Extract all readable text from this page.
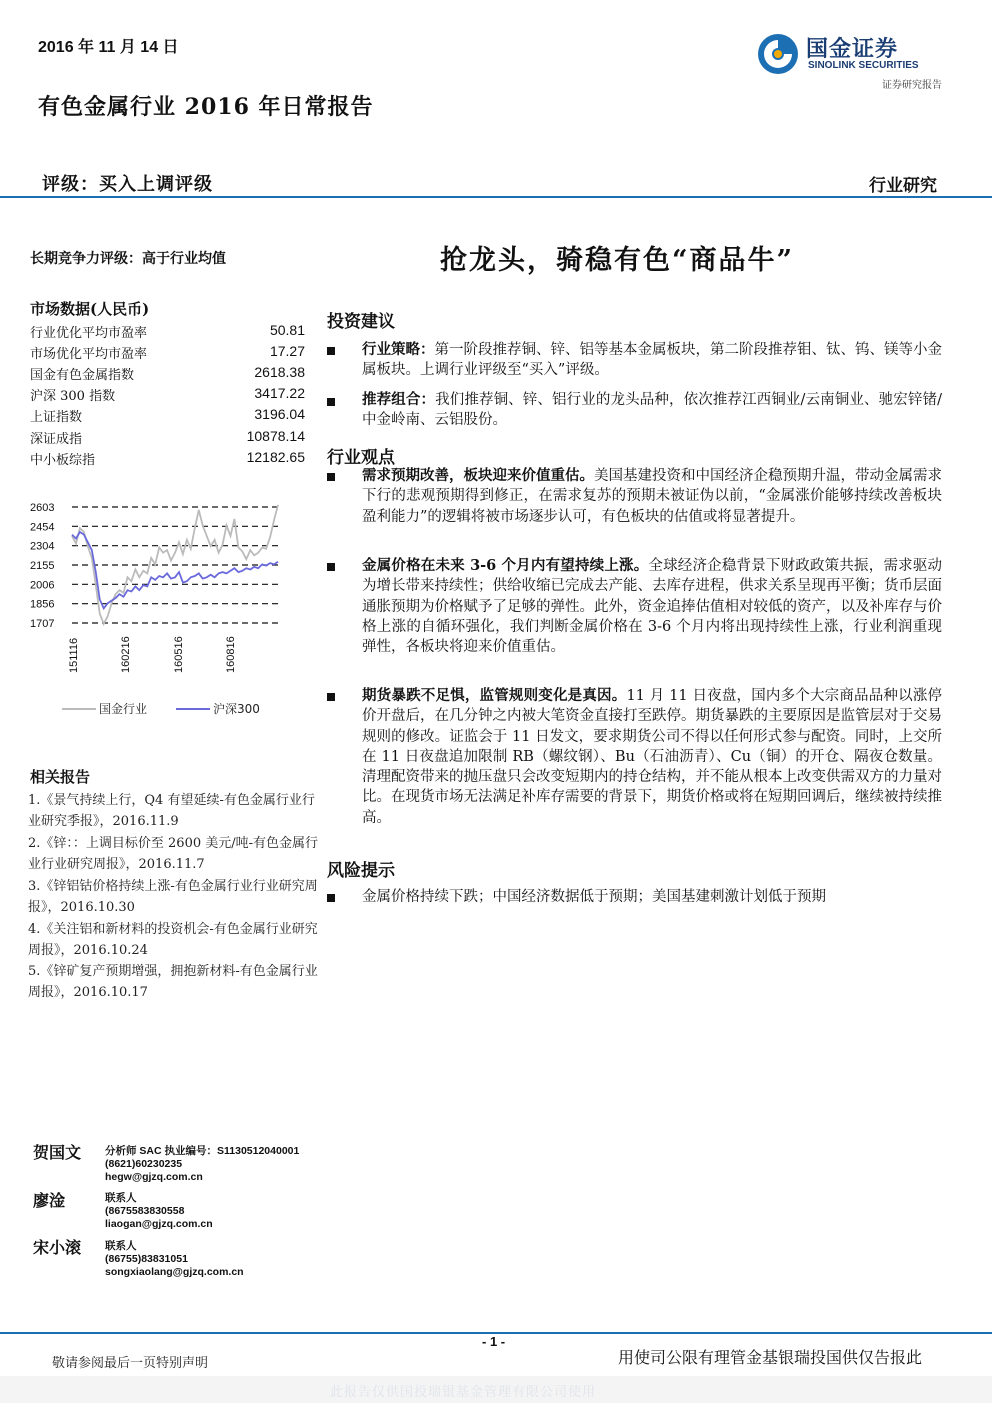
2016 年 11 月 14 日
有色金属行业 2016 年日常报告
评级：买入上调评级	行业研究
国金证券
SINOLINK SECURITIES
证券研究报告
长期竞争力评级：高于行业均值	抢龙头，骑稳有色“商品牛”
市场数据(人民币)
行业优化平均市盈率	50.81
市场优化平均市盈率	17.27
国金有色金属指数	2618.38
沪深 300 指数	3417.22
上证指数	3196.04
深证成指	10878.14
中小板综指	12182.65
2603
2454
2304
2155
2006
1856
1707
151116	160216	160516	160816
国金行业	沪深300
相关报告
1.《景气持续上行，Q4 有望延续-有色金属行业行业研究季报》，2016.11.9
2.《锌：：上调目标价至 2600 美元/吨-有色金属行业行业研究周报》，2016.11.7
3.《锌铝钴价格持续上涨-有色金属行业行业研究周报》，2016.10.30
4.《关注铝和新材料的投资机会-有色金属行业研究周报》，2016.10.24
5.《锌矿复产预期增强，拥抱新材料-有色金属行业周报》，2016.10.17
投资建议
行业策略：第一阶段推荐铜、锌、铝等基本金属板块，第二阶段推荐钼、钛、钨、镁等小金属板块。上调行业评级至“买入”评级。
推荐组合：我们推荐铜、锌、铝行业的龙头品种，依次推荐江西铜业/云南铜业、驰宏锌锗/中金岭南、云铝股份。
行业观点
需求预期改善，板块迎来价值重估。美国基建投资和中国经济企稳预期升温，带动金属需求下行的悲观预期得到修正，在需求复苏的预期未被证伪以前，“金属涨价能够持续改善板块盈利能力”的逻辑将被市场逐步认可，有色板块的估值或将显著提升。
金属价格在未来 3-6 个月内有望持续上涨。全球经济企稳背景下财政政策共振，需求驱动为增长带来持续性；供给收缩已完成去产能、去库存进程，供求关系呈现再平衡；货币层面通胀预期为价格赋予了足够的弹性。此外，资金追捧估值相对较低的资产，以及补库存与价格上涨的自循环强化，我们判断金属价格在 3-6 个月内将出现持续性上涨，行业利润重现弹性，各板块将迎来价值重估。
期货暴跌不足惧，监管规则变化是真因。11 月 11 日夜盘，国内多个大宗商品品种以涨停价开盘后，在几分钟之内被大笔资金直接打至跌停。期货暴跌的主要原因是监管层对于交易规则的修改。证监会于 11 日发文，要求期货公司不得以任何形式参与配资。同时，上交所在 11 日夜盘追加限制 RB（螺纹钢）、Bu（石油沥青）、Cu（铜）的开仓、隔夜仓数量。清理配资带来的抛压盘只会改变短期内的持仓结构，并不能从根本上改变供需双方的力量对比。在现货市场无法满足补库存需要的背景下，期货价格或将在短期回调后，继续被持续推高。
风险提示
金属价格持续下跌；中国经济数据低于预期；美国基建刺激计划低于预期
贺国文 分析师 SAC 执业编号：S1130512040001
(8621)60230235
hegw@gjzq.com.cn
廖淦	联系人
(8675583830558
liaogan@gjzq.com.cn
宋小滚 联系人
(86755)83831051
songxiaolang@gjzq.com.cn
- 1 -
敬请参阅最后一页特别声明	用使司公限有理管金基银瑞投国供仅告报此
此报告仅供国投瑞银基金管理有限公司使用
